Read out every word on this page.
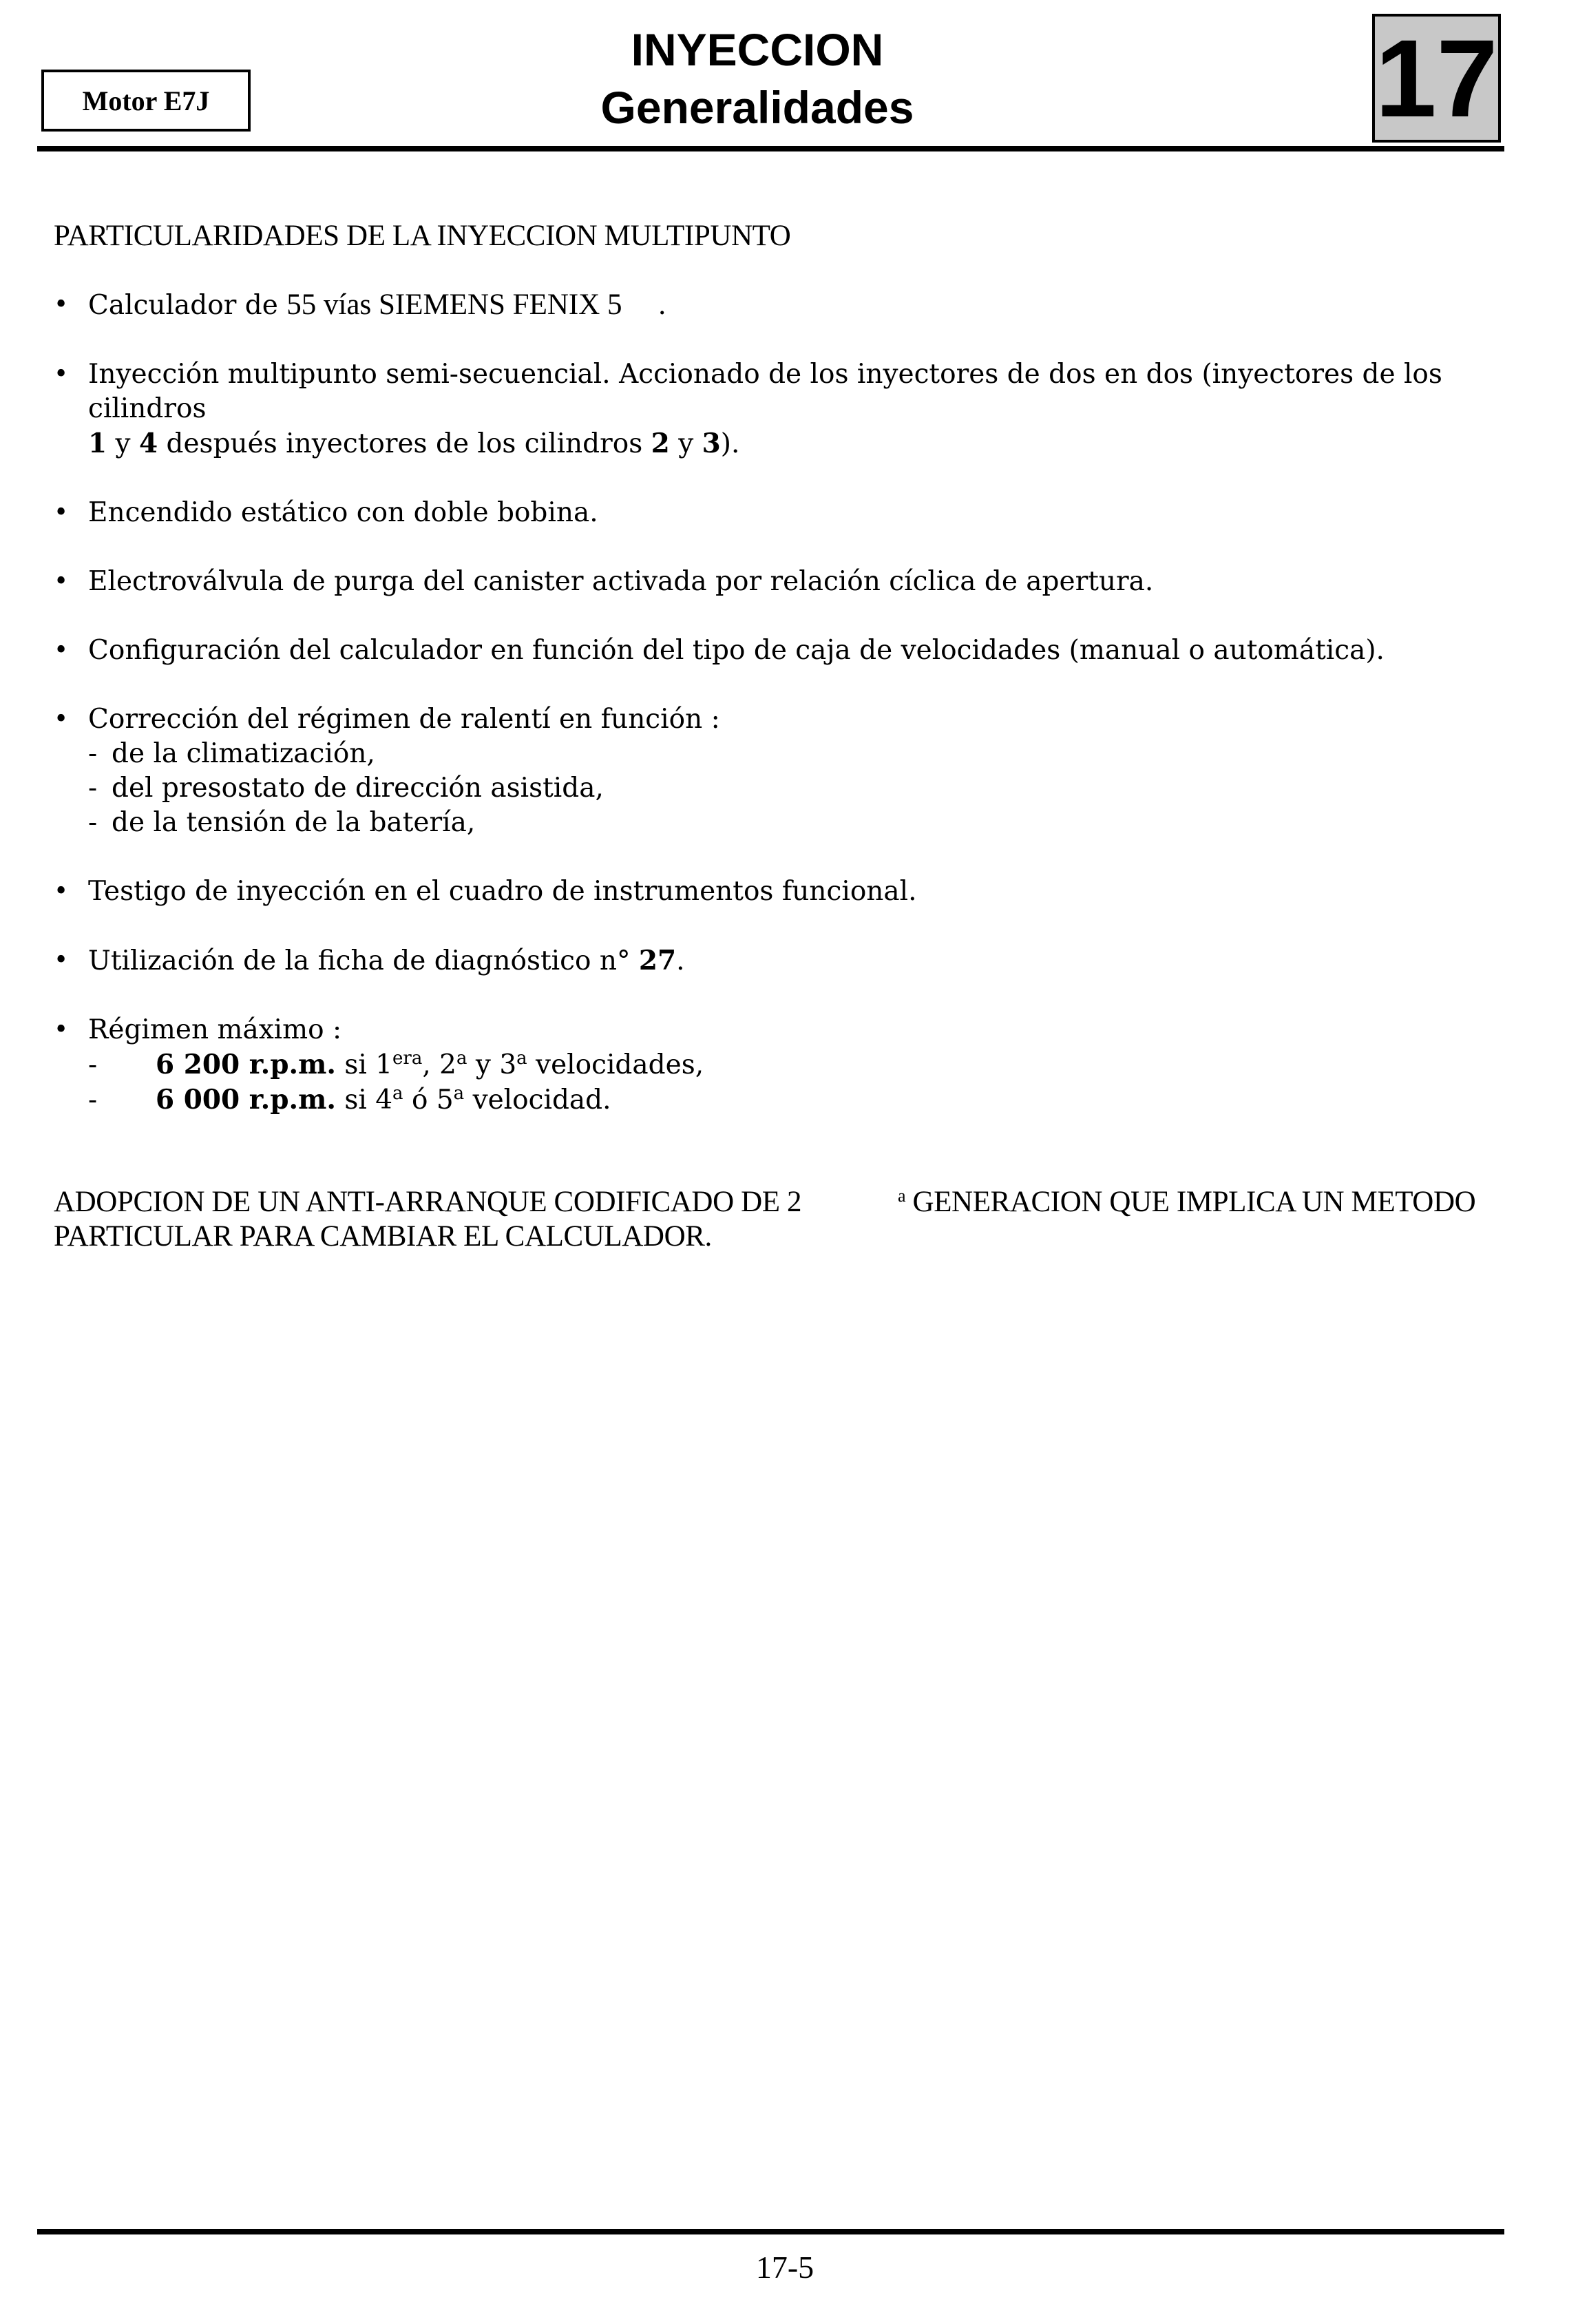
Motor E7J
INYECCION
Generalidades	17

PARTICULARIDADES DE LA INYECCION MULTIPUNTO

• Calculador de 55 vías SIEMENS FENIX 5 .
• Inyección multipunto semi-secuencial. Accionado de los inyectores de dos en dos (inyectores de los cilindros
1 y 4 después inyectores de los cilindros 2 y 3).
• Encendido estático con doble bobina.
• Electroválvula de purga del canister activada por relación cíclica de apertura.
• Configuración del calculador en función del tipo de caja de velocidades (manual o automática).
• Corrección del régimen de ralentí en función :
- de la climatización,
- del presostato de dirección asistida,
- de la tensión de la batería,
• Testigo de inyección en el cuadro de instrumentos funcional.
• Utilización de la ficha de diagnóstico n° 27.
• Régimen máximo :
- 6 200 r.p.m. si $1^{era}$, 2$^a$ y 3$^a$ velocidades,
- 6 000 r.p.m. si 4$^a$ ó 5$^a$ velocidad.

ADOPCION DE UN ANTI-ARRANQUE CODIFICADO DE 2	$^a$ GENERACION QUE IMPLICA UN METODO
PARTICULAR PARA CAMBIAR EL CALCULADOR.

17-5
